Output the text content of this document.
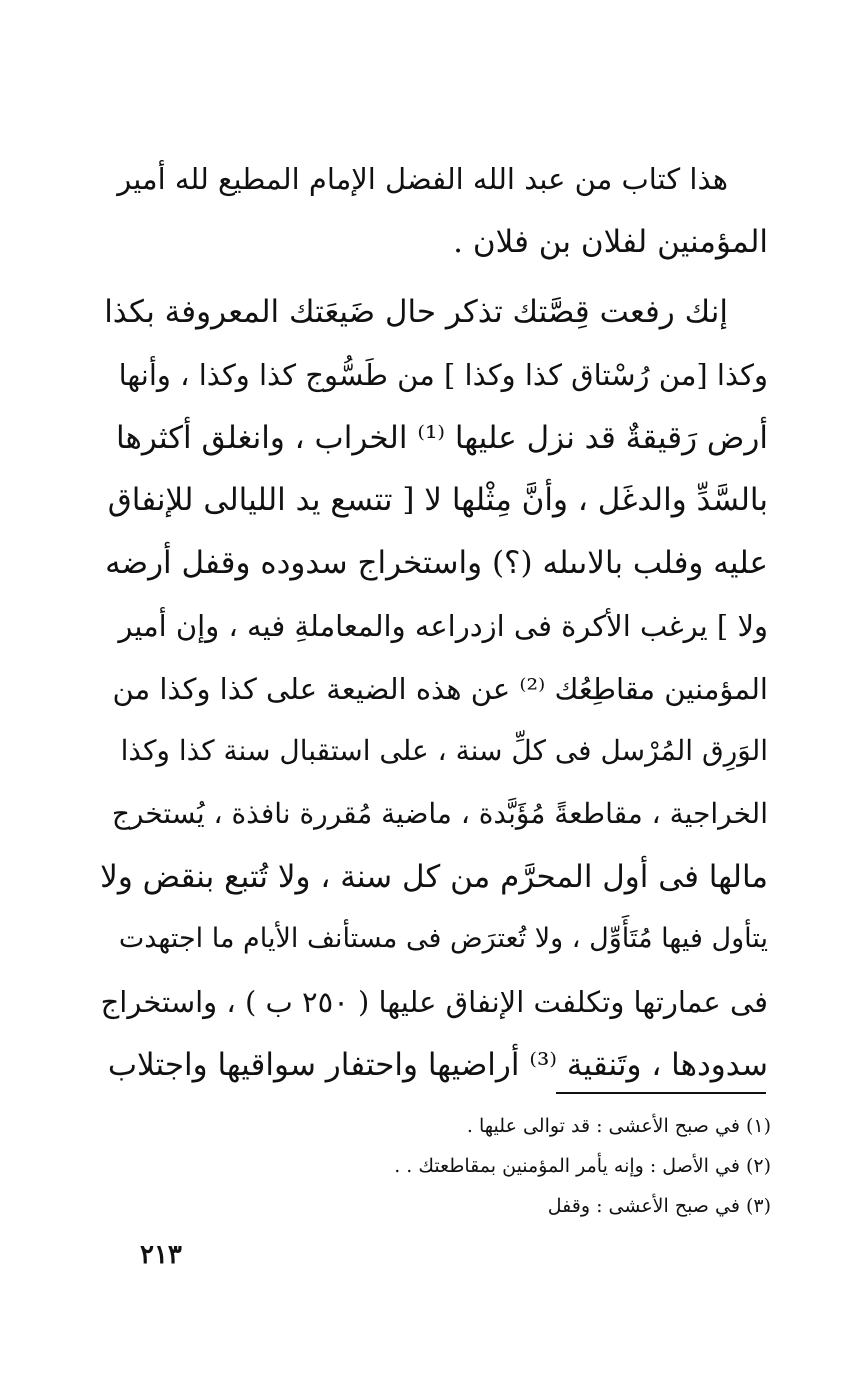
هذا كتاب من عبد الله الفضل الإمام المطيع لله أمير
المؤمنين لفلان بن فلان .
إنك رفعت قِصَّتك تذكر حال ضَيعَتك المعروفة بكذا
وكذا [من رُسْتاق كذا وكذا ] من طَسُّوج كذا وكذا ، وأنها
أرض رَقيقةٌ قد نزل عليها ⁽¹⁾ الخراب ، وانغلق أكثرها
بالسَّدِّ والدغَل ، وأنَّ مِثْلها لا [ تتسع يد الليالى للإنفاق
عليه وفلب بالاىىله (؟) واستخراج سدوده وقفل أرضه
ولا ] يرغب الأكرة فى ازدراعه والمعاملةِ فيه ، وإن أمير
المؤمنين مقاطِعُك ⁽²⁾ عن هذه الضيعة على كذا وكذا من
الوَرِق المُرْسل فى كلِّ سنة ، على استقبال سنة كذا وكذا
الخراجية ، مقاطعةً مُؤَبَّدة ، ماضية مُقررة نافذة ، يُستخرج
مالها فى أول المحرَّم من كل سنة ، ولا تُتبع بنقض ولا
يتأول فيها مُتَأَوِّل ، ولا تُعترَض فى مستأنف الأيام ما اجتهدت
فى عمارتها وتكلفت الإنفاق عليها ( ٢٥٠ ب ) ، واستخراج
سدودها ، وتَنقية ⁽³⁾ أراضيها واحتفار سواقيها واجتلاب
(١) في صبح الأعشى : قد توالى عليها .
(٢) في الأصل : وإنه يأمر المؤمنين بمقاطعتك . .
(٣) في صبح الأعشى : وقفل
٢١٣
